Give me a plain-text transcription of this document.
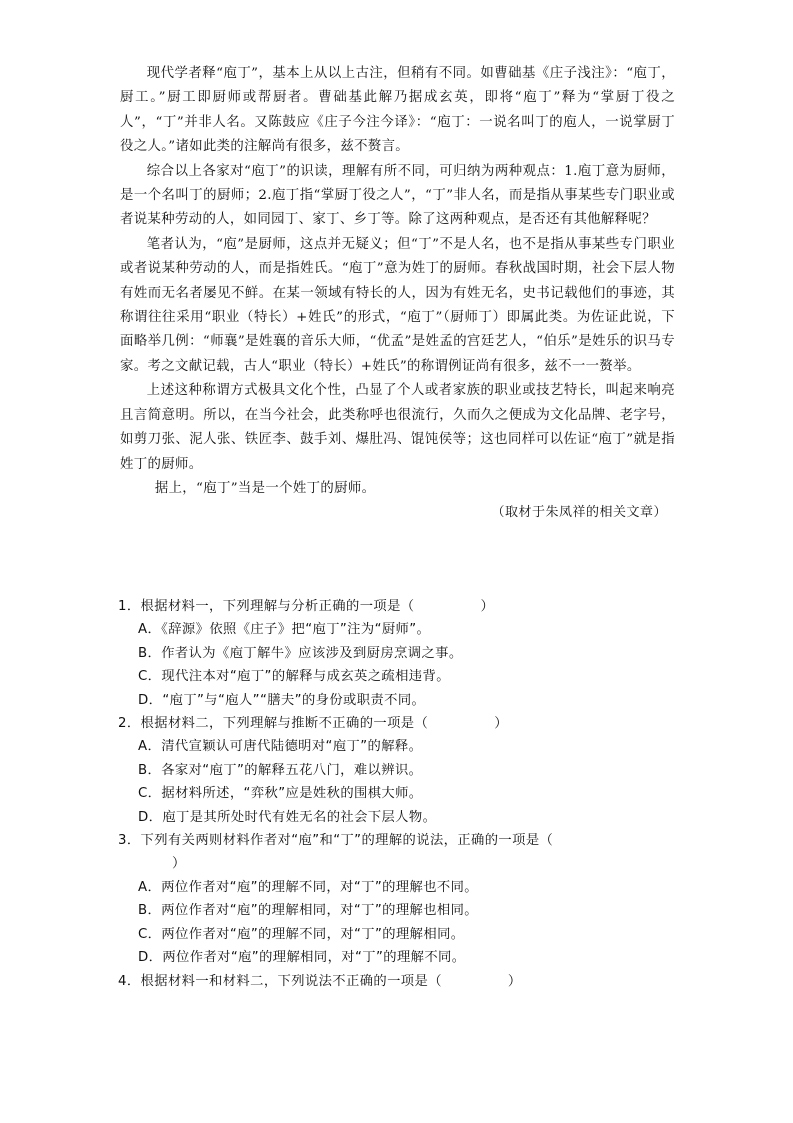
现代学者释“庖丁”，基本上从以上古注，但稍有不同。如曹础基《庄子浅注》：“庖丁，厨工。”厨工即厨师或帮厨者。曹础基此解乃据成玄英，即将“庖丁”释为“掌厨丁役之人”，“丁”并非人名。又陈鼓应《庄子今注今译》：“庖丁：一说名叫丁的庖人，一说掌厨丁役之人。”诸如此类的注解尚有很多，兹不赘言。

综合以上各家对“庖丁”的识读，理解有所不同，可归纳为两种观点：1.庖丁意为厨师，是一个名叫丁的厨师；2.庖丁指“掌厨丁役之人”，“丁”非人名，而是指从事某些专门职业或者说某种劳动的人，如同园丁、家丁、乡丁等。除了这两种观点，是否还有其他解释呢？

笔者认为，“庖”是厨师，这点并无疑义；但“丁”不是人名，也不是指从事某些专门职业或者说某种劳动的人，而是指姓氏。“庖丁”意为姓丁的厨师。春秋战国时期，社会下层人物有姓而无名者屡见不鲜。在某一领域有特长的人，因为有姓无名，史书记载他们的事迹，其称谓往往采用“职业（特长）+姓氏”的形式，“庖丁”（厨师丁）即属此类。为佐证此说，下面略举几例：“师襄”是姓襄的音乐大师，“优孟”是姓孟的宫廷艺人，“伯乐”是姓乐的识马专家。考之文献记载，古人“职业（特长）+姓氏”的称谓例证尚有很多，兹不一一赘举。

上述这种称谓方式极具文化个性，凸显了个人或者家族的职业或技艺特长，叫起来响亮且言简意明。所以，在当今社会，此类称呼也很流行，久而久之便成为文化品牌、老字号，如剪刀张、泥人张、铁匠李、鼓手刘、爆肚冯、馄饨侯等；这也同样可以佐证“庖丁”就是指姓丁的厨师。

据上，“庖丁”当是一个姓丁的厨师。

（取材于朱凤祥的相关文章）

1．根据材料一，下列理解与分析正确的一项是（	）

A．《辞源》依照《庄子》把“庖丁”注为“厨师”。

B．作者认为《庖丁解牛》应该涉及到厨房烹调之事。

C．现代注本对“庖丁”的解释与成玄英之疏相违背。

D．“庖丁”与“庖人”“膳夫”的身份或职责不同。

2．根据材料二，下列理解与推断不正确的一项是（	）

A．清代宣颖认可唐代陆德明对“庖丁”的解释。

B．各家对“庖丁”的解释五花八门，难以辨识。

C．据材料所述，“弈秋”应是姓秋的围棋大师。

D．庖丁是其所处时代有姓无名的社会下层人物。

3．下列有关两则材料作者对“庖”和“丁”的理解的说法，正确的一项是（

）

A．两位作者对“庖”的理解不同，对“丁”的理解也不同。

B．两位作者对“庖”的理解相同，对“丁”的理解也相同。

C．两位作者对“庖”的理解不同，对“丁”的理解相同。

D．两位作者对“庖”的理解相同，对“丁”的理解不同。

4．根据材料一和材料二，下列说法不正确的一项是（	）
